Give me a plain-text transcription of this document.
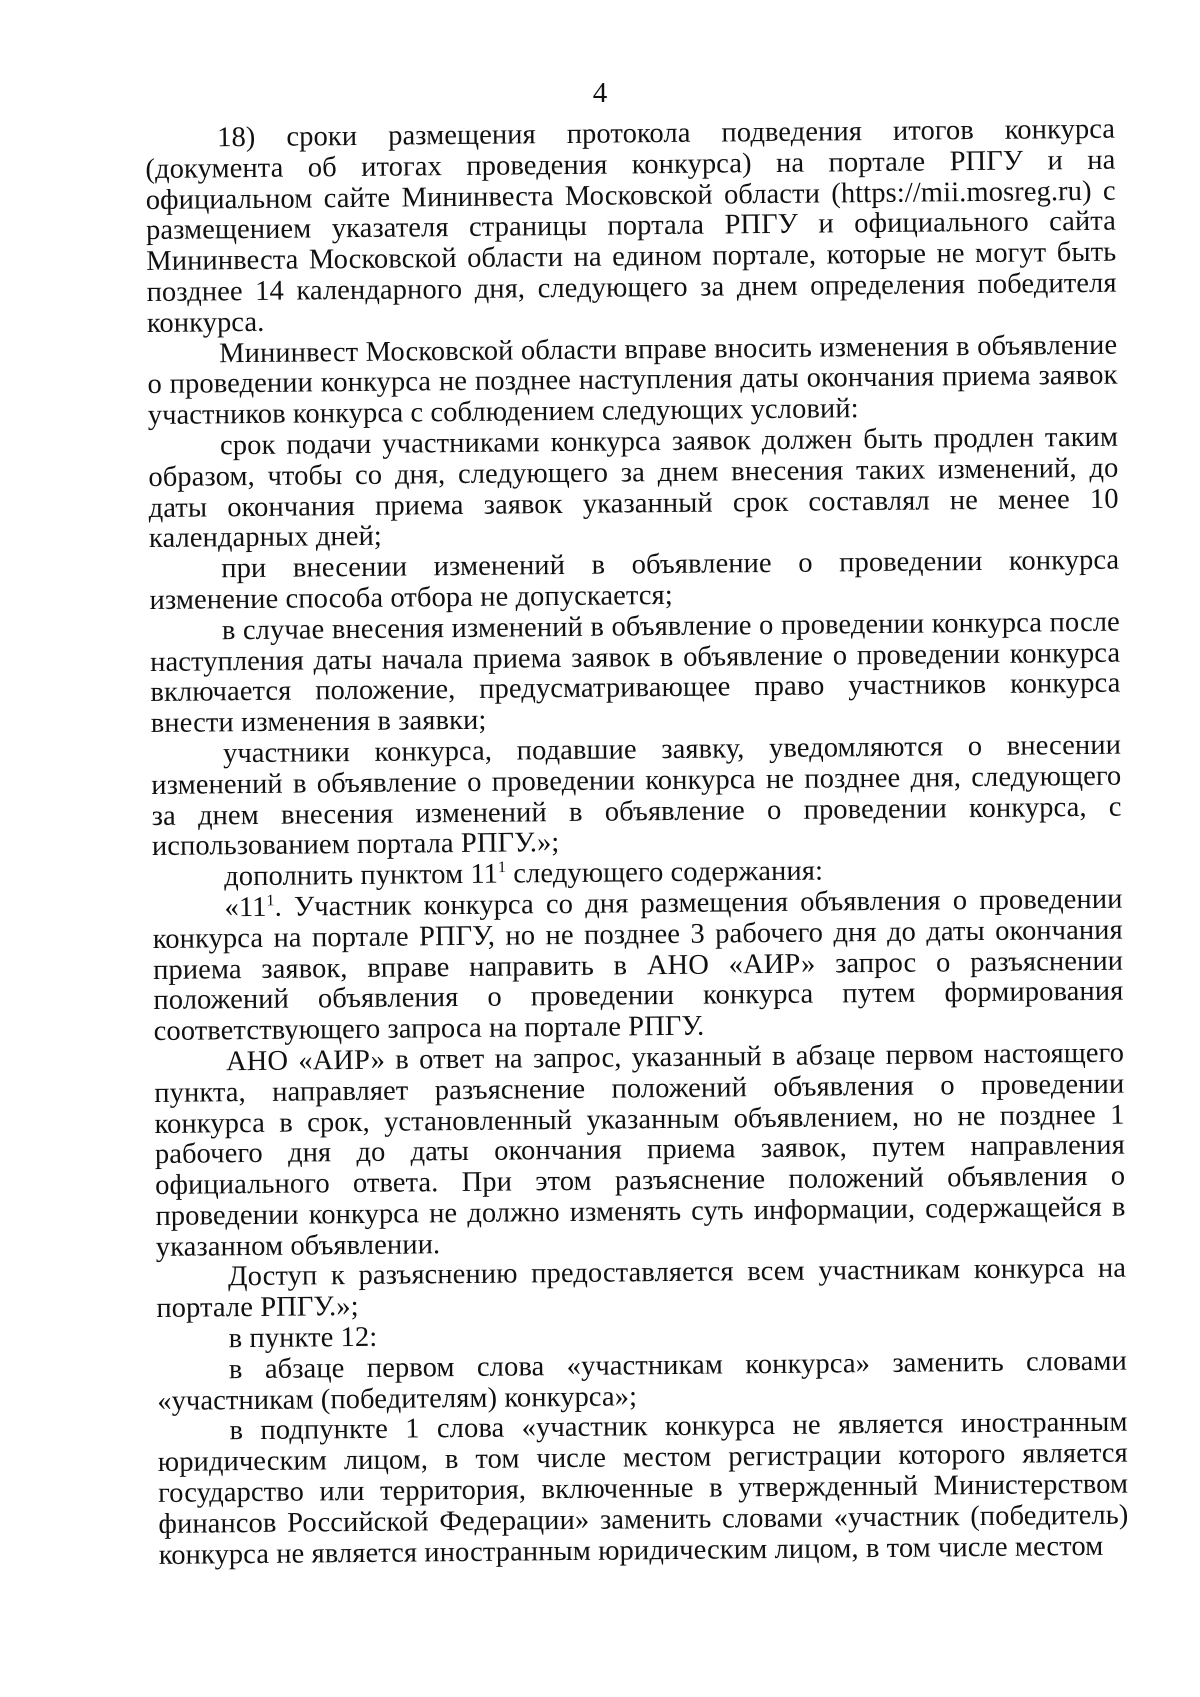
4

18) сроки размещения протокола подведения итогов конкурса (документа об итогах проведения конкурса) на портале РПГУ и на официальном сайте Мининвеста Московской области (https://mii.mosreg.ru) с размещением указателя страницы портала РПГУ и официального сайта Мининвеста Московской области на едином портале, которые не могут быть позднее 14 календарного дня, следующего за днем определения победителя конкурса.

Мининвест Московской области вправе вносить изменения в объявление о проведении конкурса не позднее наступления даты окончания приема заявок участников конкурса с соблюдением следующих условий:

срок подачи участниками конкурса заявок должен быть продлен таким образом, чтобы со дня, следующего за днем внесения таких изменений, до даты окончания приема заявок указанный срок составлял не менее 10 календарных дней;

при внесении изменений в объявление о проведении конкурса изменение способа отбора не допускается;

в случае внесения изменений в объявление о проведении конкурса после наступления даты начала приема заявок в объявление о проведении конкурса включается положение, предусматривающее право участников конкурса внести изменения в заявки;

участники конкурса, подавшие заявку, уведомляются о внесении изменений в объявление о проведении конкурса не позднее дня, следующего за днем внесения изменений в объявление о проведении конкурса, с использованием портала РПГУ.»;

дополнить пунктом $11^1$ следующего содержания:

«$11^1$. Участник конкурса со дня размещения объявления о проведении конкурса на портале РПГУ, но не позднее 3 рабочего дня до даты окончания приема заявок, вправе направить в АНО «АИР» запрос о разъяснении положений объявления о проведении конкурса путем формирования соответствующего запроса на портале РПГУ.

АНО «АИР» в ответ на запрос, указанный в абзаце первом настоящего пункта, направляет разъяснение положений объявления о проведении конкурса в срок, установленный указанным объявлением, но не позднее 1 рабочего дня до даты окончания приема заявок, путем направления официального ответа. При этом разъяснение положений объявления о проведении конкурса не должно изменять суть информации, содержащейся в указанном объявлении.

Доступ к разъяснению предоставляется всем участникам конкурса на портале РПГУ.»;

в пункте 12:

в абзаце первом слова «участникам конкурса» заменить словами «участникам (победителям) конкурса»;

в подпункте 1 слова «участник конкурса не является иностранным юридическим лицом, в том числе местом регистрации которого является государство или территория, включенные в утвержденный Министерством финансов Российской Федерации» заменить словами «участник (победитель) конкурса не является иностранным юридическим лицом, в том числе местом
